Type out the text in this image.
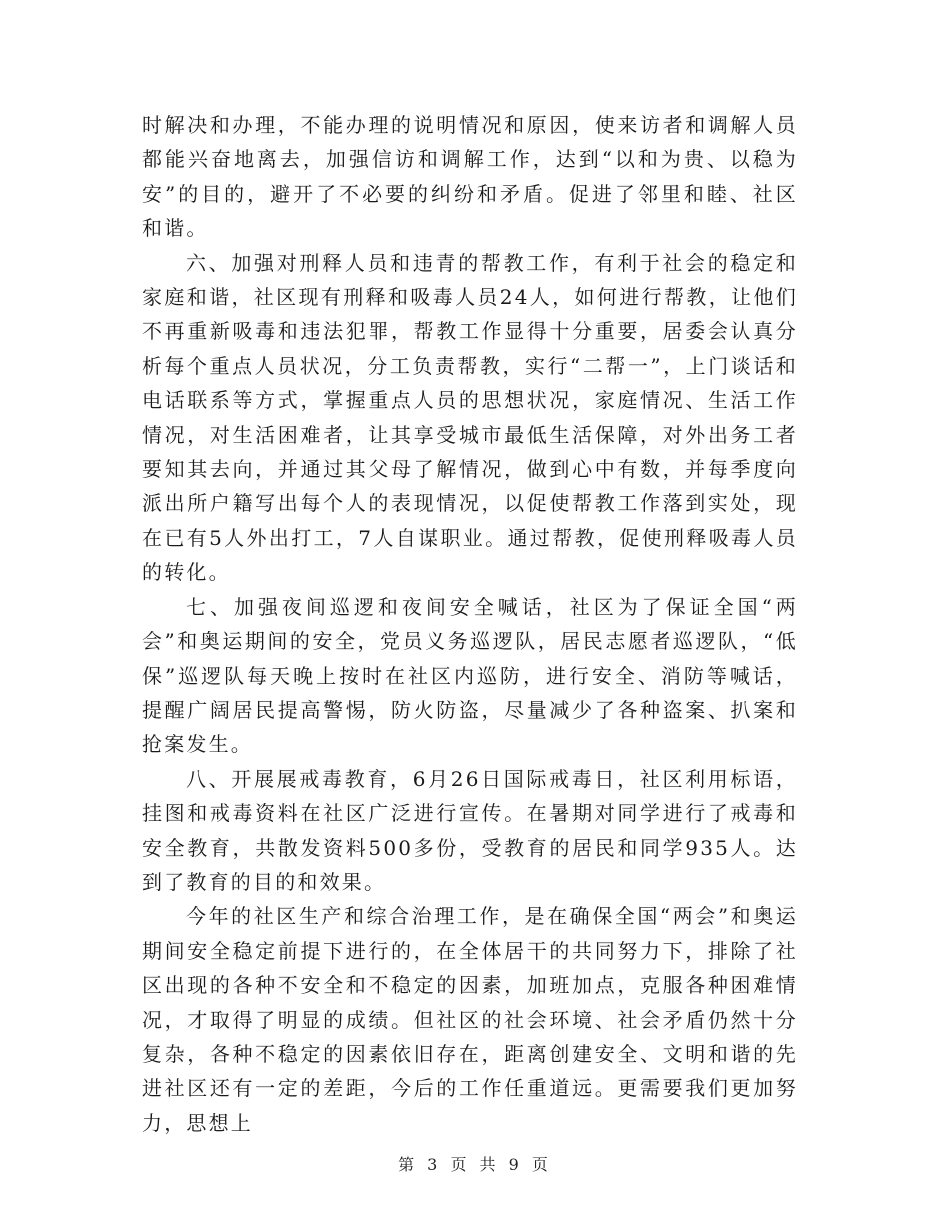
时解决和办理，不能办理的说明情况和原因，使来访者和调解人员都能兴奋地离去，加强信访和调解工作，达到“以和为贵、以稳为安”的目的，避开了不必要的纠纷和矛盾。促进了邻里和睦、社区和谐。

六、加强对刑释人员和违青的帮教工作，有利于社会的稳定和家庭和谐，社区现有刑释和吸毒人员24人，如何进行帮教，让他们不再重新吸毒和违法犯罪，帮教工作显得十分重要，居委会认真分析每个重点人员状况，分工负责帮教，实行“二帮一”，上门谈话和电话联系等方式，掌握重点人员的思想状况，家庭情况、生活工作情况，对生活困难者，让其享受城市最低生活保障，对外出务工者要知其去向，并通过其父母了解情况，做到心中有数，并每季度向派出所户籍写出每个人的表现情况，以促使帮教工作落到实处，现在已有5人外出打工，7人自谋职业。通过帮教，促使刑释吸毒人员的转化。

七、加强夜间巡逻和夜间安全喊话，社区为了保证全国“两会”和奥运期间的安全，党员义务巡逻队，居民志愿者巡逻队，“低保”巡逻队每天晚上按时在社区内巡防，进行安全、消防等喊话，提醒广阔居民提高警惕，防火防盗，尽量减少了各种盗案、扒案和抢案发生。

八、开展展戒毒教育，6月26日国际戒毒日，社区利用标语，挂图和戒毒资料在社区广泛进行宣传。在暑期对同学进行了戒毒和安全教育，共散发资料500多份，受教育的居民和同学935人。达到了教育的目的和效果。

今年的社区生产和综合治理工作，是在确保全国“两会”和奥运期间安全稳定前提下进行的，在全体居干的共同努力下，排除了社区出现的各种不安全和不稳定的因素，加班加点，克服各种困难情况，才取得了明显的成绩。但社区的社会环境、社会矛盾仍然十分复杂，各种不稳定的因素依旧存在，距离创建安全、文明和谐的先进社区还有一定的差距，今后的工作任重道远。更需要我们更加努力，思想上

第 3 页 共 9 页
